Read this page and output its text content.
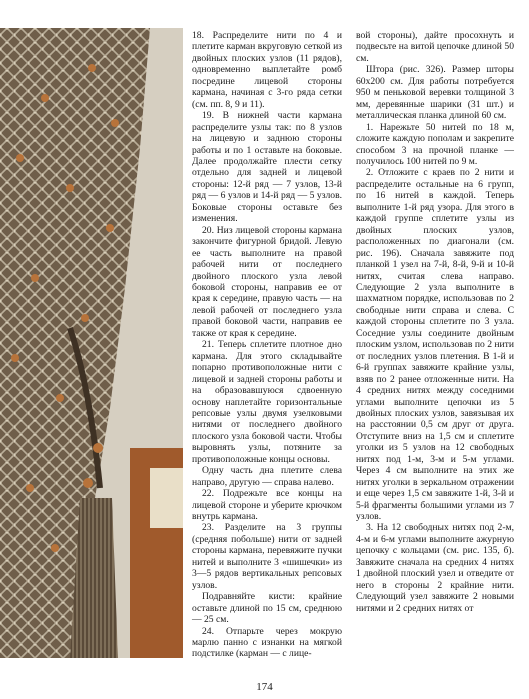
18. Распределите нити по 4 и плетите карман вкруговую сеткой из двойных плоских узлов (11 рядов), одновременно выплетайте ромб посредине лицевой стороны кармана, начиная с 3-го ряда сетки (см. пп. 8, 9 и 11).

19. В нижней части кармана распределите узлы так: по 8 узлов на лицевую и заднюю стороны работы и по 1 оставьте на боковые. Далее продолжайте плести сетку отдельно для задней и лицевой стороны: 12-й ряд — 7 узлов, 13-й ряд — 6 узлов и 14-й ряд — 5 узлов. Боковые стороны оставьте без изменения.

20. Низ лицевой стороны кармана закончите фигурной бридой. Левую ее часть выполните на правой рабочей нити от последнего двойного плоского узла левой боковой стороны, направив ее от края к середине, правую часть — на левой рабочей от последнего узла правой боковой части, направив ее также от края к середине.

21. Теперь сплетите плотное дно кармана. Для этого складывайте попарно противоположные нити с лицевой и задней стороны работы и на образовавшуюся сдвоенную основу наплетайте горизонтальные репсовые узлы двумя узелковыми нитями от последнего двойного плоского узла боковой части. Чтобы выровнять узлы, потяните за противоположные концы основы.

Одну часть дна плетите слева направо, другую — справа налево.

22. Подрежьте все концы на лицевой стороне и уберите крючком внутрь кармана.

23. Разделите на 3 группы (средняя побольше) нити от задней стороны кармана, перевяжите пучки нитей и выполните 3 «шишечки» из 3—5 рядов вертикальных репсовых узлов.

Подравняйте кисти: крайние оставьте длиной по 15 см, среднюю — 25 см.

24. Отпарьте через мокрую марлю панно с изнанки на мягкой подстилке (карман — с лице-

вой стороны), дайте просохнуть и подвесьте на витой цепочке длиной 50 см.

Штора (рис. 326). Размер шторы 60х200 см. Для работы потребуется 950 м пеньковой веревки толщиной 3 мм, деревянные шарики (31 шт.) и металлическая планка длиной 60 см.

1. Нарежьте 50 нитей по 18 м, сложите каждую пополам и закрепите способом 3 на прочной планке — получилось 100 нитей по 9 м.

2. Отложите с краев по 2 нити и распределите остальные на 6 групп, по 16 нитей в каждой. Теперь выполните 1-й ряд узора. Для этого в каждой группе сплетите узлы из двойных плоских узлов, расположенных по диагонали (см. рис. 196). Сначала завяжите под планкой 1 узел на 7-й, 8-й, 9-й и 10-й нитях, считая слева направо. Следующие 2 узла выполните в шахматном порядке, использовав по 2 свободные нити справа и слева. С каждой стороны сплетите по 3 узла. Соседние узлы соедините двойным плоским узлом, использовав по 2 нити от последних узлов плетения. В 1-й и 6-й группах завяжите крайние узлы, взяв по 2 ранее отложенные нити. На 4 средних нитях между соседними углами выполните цепочки из 5 двойных плоских узлов, завязывая их на расстоянии 0,5 см друг от друга. Отступите вниз на 1,5 см и сплетите уголки из 5 узлов на 12 свободных нитях под 1-м, 3-м и 5-м углами. Через 4 см выполните на этих же нитях уголки в зеркальном отражении и еще через 1,5 см завяжите 1-й, 3-й и 5-й фрагменты большими углами из 7 узлов.

3. На 12 свободных нитях под 2-м, 4-м и 6-м углами выполните ажурную цепочку с кольцами (см. рис. 135, б). Завяжите сначала на средних 4 нитях 1 двойной плоский узел и отведите от него в стороны 2 крайние нити. Следующий узел завяжите 2 новыми нитями и 2 средних нитях от

174
